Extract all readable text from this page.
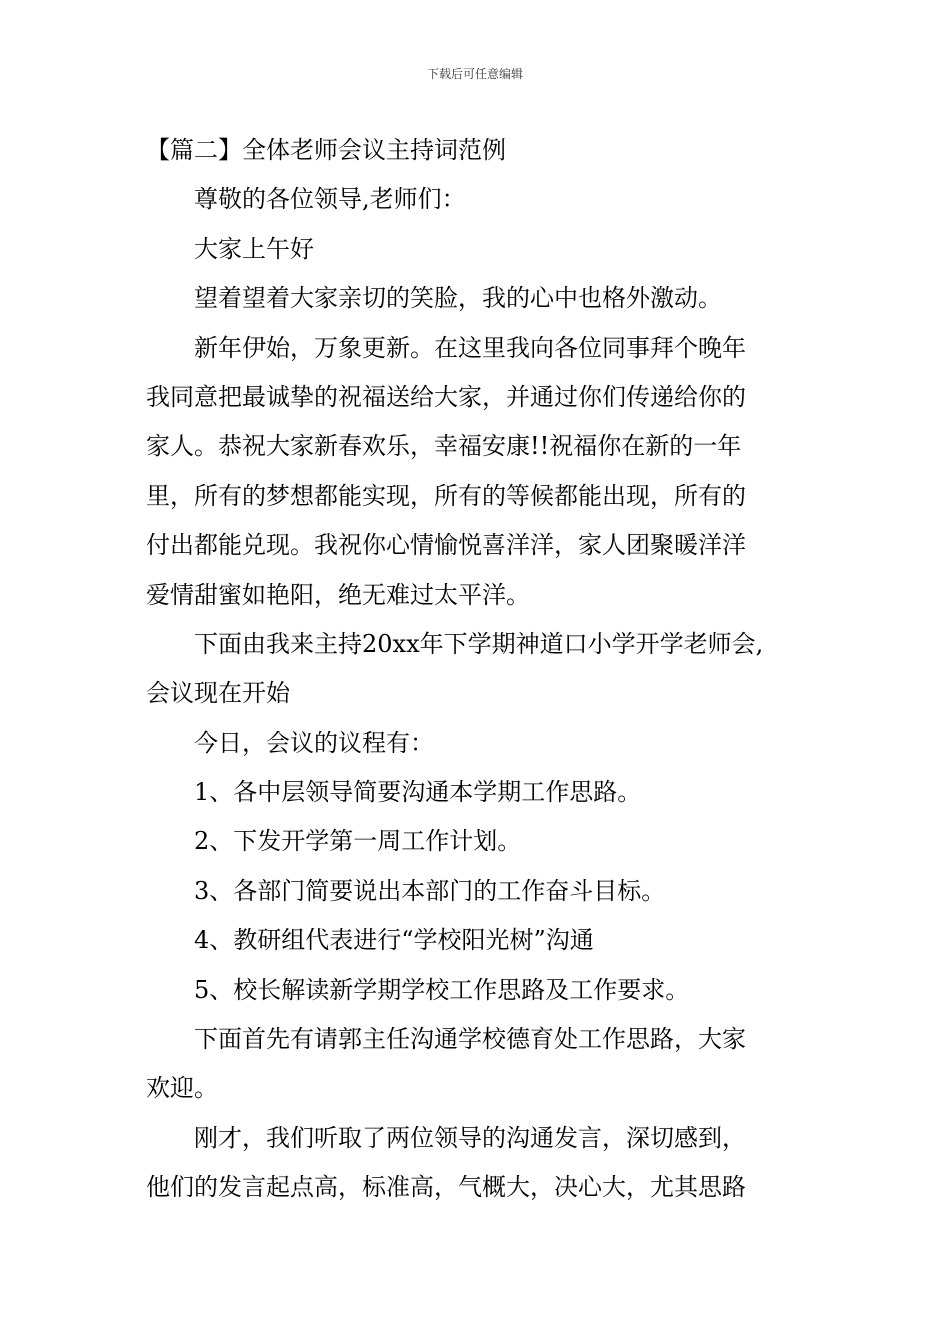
下载后可任意编辑
【篇二】全体老师会议主持词范例
尊敬的各位领导,老师们：
大家上午好
望着望着大家亲切的笑脸，我的心中也格外激动。
新年伊始，万象更新。在这里我向各位同事拜个晚年
我同意把最诚挚的祝福送给大家，并通过你们传递给你的
家人。恭祝大家新春欢乐，幸福安康!!祝福你在新的一年
里，所有的梦想都能实现，所有的等候都能出现，所有的
付出都能兑现。我祝你心情愉悦喜洋洋，家人团聚暖洋洋
爱情甜蜜如艳阳，绝无难过太平洋。
下面由我来主持20xx年下学期神道口小学开学老师会,
会议现在开始
今日，会议的议程有：
1、各中层领导简要沟通本学期工作思路。
2、下发开学第一周工作计划。
3、各部门简要说出本部门的工作奋斗目标。
4、教研组代表进行“学校阳光树”沟通
5、校长解读新学期学校工作思路及工作要求。
下面首先有请郭主任沟通学校德育处工作思路，大家
欢迎。
刚才，我们听取了两位领导的沟通发言，深切感到，
他们的发言起点高，标准高，气概大，决心大，尤其思路
